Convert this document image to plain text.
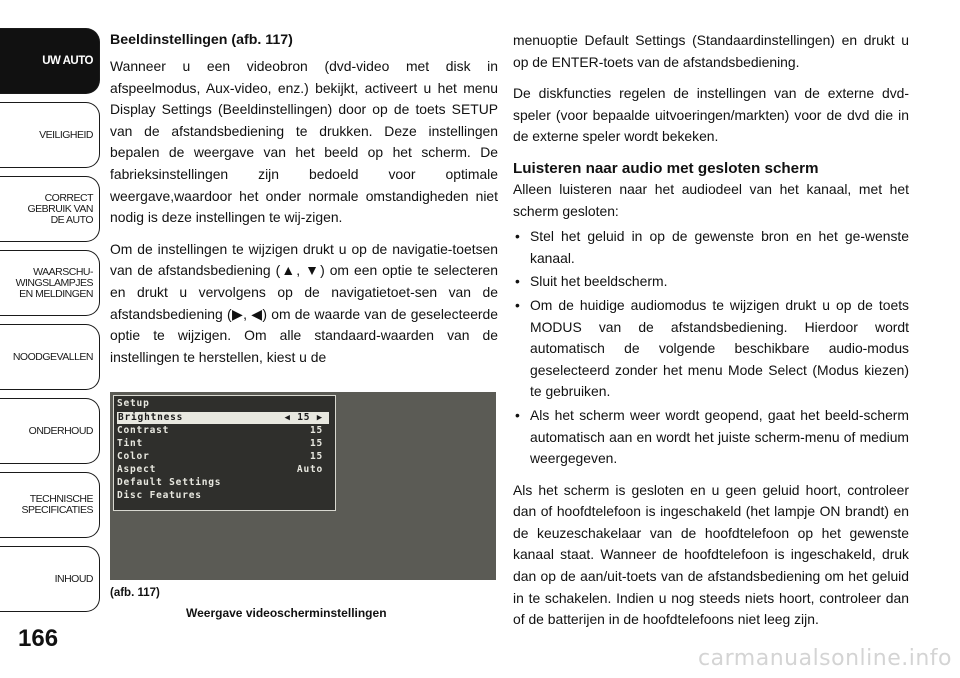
UW AUTO
VEILIGHEID
CORRECT
GEBRUIK VAN
DE AUTO
WAARSCHU-
WINGSLAMPJES
EN MELDINGEN
NOODGEVALLEN
ONDERHOUD
TECHNISCHE
SPECIFICATIES
INHOUD
166
Beeldinstellingen (afb. 117)

Wanneer u een videobron (dvd-video met disk in afspeelmodus, Aux-video, enz.) bekijkt, activeert u het menu Display Settings (Beeldinstellingen) door op de toets SETUP van de afstandsbediening te drukken. Deze instellingen bepalen de weergave van het beeld op het scherm. De fabrieksinstellingen zijn bedoeld voor optimale weergave,waardoor het onder normale omstandigheden niet nodig is deze instellingen te wij-zigen.

Om de instellingen te wijzigen drukt u op de navigatie-toetsen van de afstandsbediening (▲, ▼) om een optie te selecteren en drukt u vervolgens op de navigatietoet-sen van de afstandsbediening (▶, ◀) om de waarde van de geselecteerde optie te wijzigen. Om alle standaard-waarden van de instellingen te herstellen, kiest u de

Setup
Brightness	◀ 15 ▶
Contrast	15
Tint	15
Color	15
Aspect	Auto
Default Settings
Disc Features
(afb. 117)
Weergave videoscherminstellingen

menuoptie Default Settings (Standaardinstellingen) en drukt u op de ENTER-toets van de afstandsbediening.

De diskfuncties regelen de instellingen van de externe dvd-speler (voor bepaalde uitvoeringen/markten) voor de dvd die in de externe speler wordt bekeken.

Luisteren naar audio met gesloten scherm

Alleen luisteren naar het audiodeel van het kanaal, met het scherm gesloten:

• Stel het geluid in op de gewenste bron en het ge-wenste kanaal.
• Sluit het beeldscherm.
• Om de huidige audiomodus te wijzigen drukt u op de toets MODUS van de afstandsbediening. Hierdoor wordt automatisch de volgende beschikbare audio-modus geselecteerd zonder het menu Mode Select (Modus kiezen) te gebruiken.
• Als het scherm weer wordt geopend, gaat het beeld-scherm automatisch aan en wordt het juiste scherm-menu of medium weergegeven.

Als het scherm is gesloten en u geen geluid hoort, controleer dan of hoofdtelefoon is ingeschakeld (het lampje ON brandt) en de keuzeschakelaar van de hoofdtelefoon op het gewenste kanaal staat. Wanneer de hoofdtelefoon is ingeschakeld, druk dan op de aan/uit-toets van de afstandsbediening om het geluid in te schakelen. Indien u nog steeds niets hoort, controleer dan of de batterijen in de hoofdtelefoons niet leeg zijn.

carmanualsonline.info
